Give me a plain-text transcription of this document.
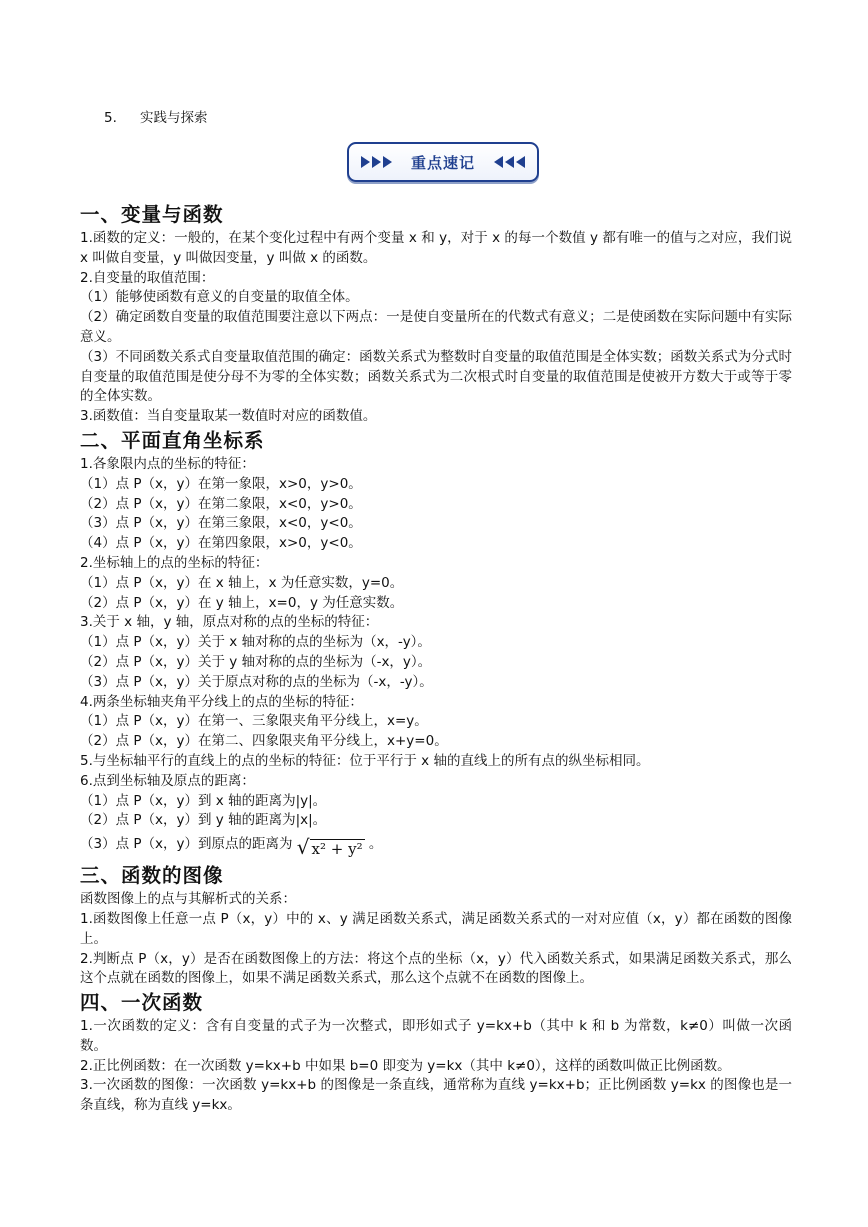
5. 实践与探索
重点速记
一、变量与函数

1.函数的定义：一般的，在某个变化过程中有两个变量 x 和 y，对于 x 的每一个数值 y 都有唯一的值与之对应，我们说 x 叫做自变量，y 叫做因变量，y 叫做 x 的函数。

2.自变量的取值范围：

（1）能够使函数有意义的自变量的取值全体。

（2）确定函数自变量的取值范围要注意以下两点：一是使自变量所在的代数式有意义；二是使函数在实际问题中有实际意义。

（3）不同函数关系式自变量取值范围的确定：函数关系式为整数时自变量的取值范围是全体实数；函数关系式为分式时自变量的取值范围是使分母不为零的全体实数；函数关系式为二次根式时自变量的取值范围是使被开方数大于或等于零的全体实数。

3.函数值：当自变量取某一数值时对应的函数值。

二、平面直角坐标系

1.各象限内点的坐标的特征：

（1）点 P（x，y）在第一象限，x>0，y>0。

（2）点 P（x，y）在第二象限，x<0，y>0。

（3）点 P（x，y）在第三象限，x<0，y<0。

（4）点 P（x，y）在第四象限，x>0，y<0。

2.坐标轴上的点的坐标的特征：

（1）点 P（x，y）在 x 轴上，x 为任意实数，y=0。

（2）点 P（x，y）在 y 轴上，x=0，y 为任意实数。

3.关于 x 轴，y 轴，原点对称的点的坐标的特征：

（1）点 P（x，y）关于 x 轴对称的点的坐标为（x，-y）。

（2）点 P（x，y）关于 y 轴对称的点的坐标为（-x，y）。

（3）点 P（x，y）关于原点对称的点的坐标为（-x，-y）。

4.两条坐标轴夹角平分线上的点的坐标的特征：

（1）点 P（x，y）在第一、三象限夹角平分线上，x=y。

（2）点 P（x，y）在第二、四象限夹角平分线上，x+y=0。

5.与坐标轴平行的直线上的点的坐标的特征：位于平行于 x 轴的直线上的所有点的纵坐标相同。

6.点到坐标轴及原点的距离：

（1）点 P（x，y）到 x 轴的距离为|y|。

（2）点 P（x，y）到 y 轴的距离为|x|。

（3）点 P（x，y）到原点的距离为 √ x² + y² 。

三、函数的图像

函数图像上的点与其解析式的关系：

1.函数图像上任意一点 P（x，y）中的 x、y 满足函数关系式，满足函数关系式的一对对应值（x，y）都在函数的图像上。

2.判断点 P（x，y）是否在函数图像上的方法：将这个点的坐标（x，y）代入函数关系式，如果满足函数关系式，那么这个点就在函数的图像上，如果不满足函数关系式，那么这个点就不在函数的图像上。

四、一次函数

1.一次函数的定义：含有自变量的式子为一次整式，即形如式子 y=kx+b（其中 k 和 b 为常数，k≠0）叫做一次函数。

2.正比例函数：在一次函数 y=kx+b 中如果 b=0 即变为 y=kx（其中 k≠0），这样的函数叫做正比例函数。

3.一次函数的图像：一次函数 y=kx+b 的图像是一条直线，通常称为直线 y=kx+b；正比例函数 y=kx 的图像也是一条直线，称为直线 y=kx。
